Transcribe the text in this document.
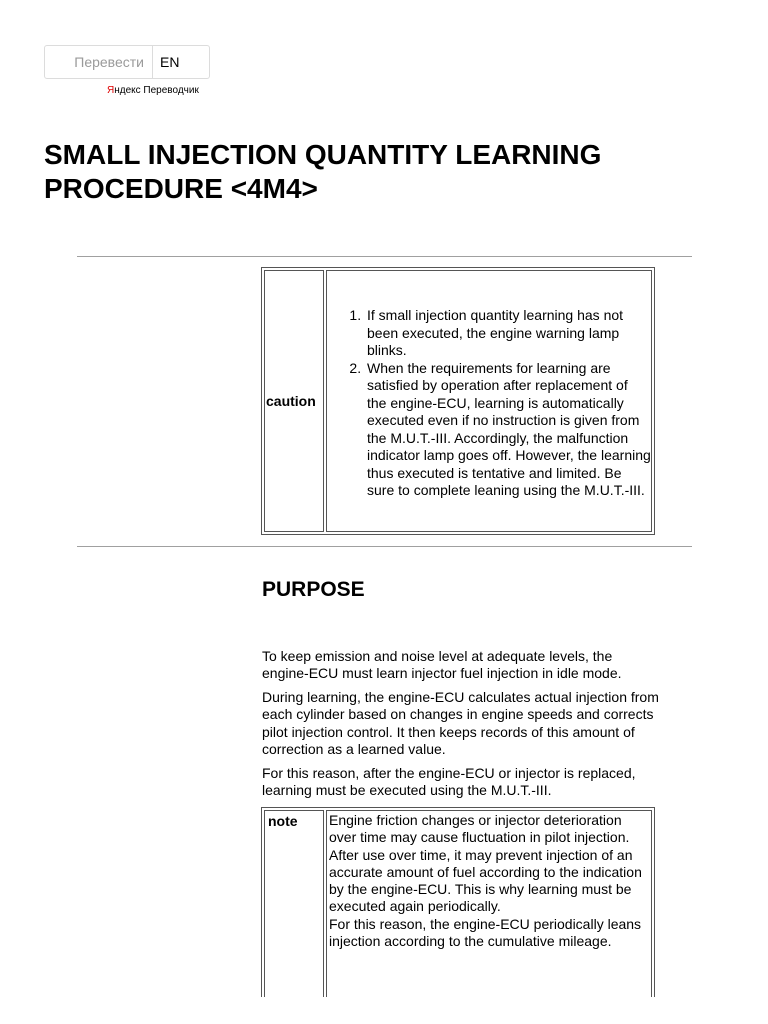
Перевести	EN
Яндекс Переводчик
SMALL INJECTION QUANTITY LEARNING PROCEDURE <4M4>
caution
1. If small injection quantity learning has not been executed, the engine warning lamp blinks.
2. When the requirements for learning are satisfied by operation after replacement of the engine-ECU, learning is automatically executed even if no instruction is given from the M.U.T.-III. Accordingly, the malfunction indicator lamp goes off. However, the learning thus executed is tentative and limited. Be sure to complete leaning using the M.U.T.-III.
PURPOSE

To keep emission and noise level at adequate levels, the engine-ECU must learn injector fuel injection in idle mode.

During learning, the engine-ECU calculates actual injection from each cylinder based on changes in engine speeds and corrects pilot injection control. It then keeps records of this amount of correction as a learned value.

For this reason, after the engine-ECU or injector is replaced, learning must be executed using the M.U.T.-III.

note	Engine friction changes or injector deterioration over time may cause fluctuation in pilot injection. After use over time, it may prevent injection of an accurate amount of fuel according to the indication by the engine-ECU. This is why learning must be executed again periodically.
For this reason, the engine-ECU periodically leans injection according to the cumulative mileage.
